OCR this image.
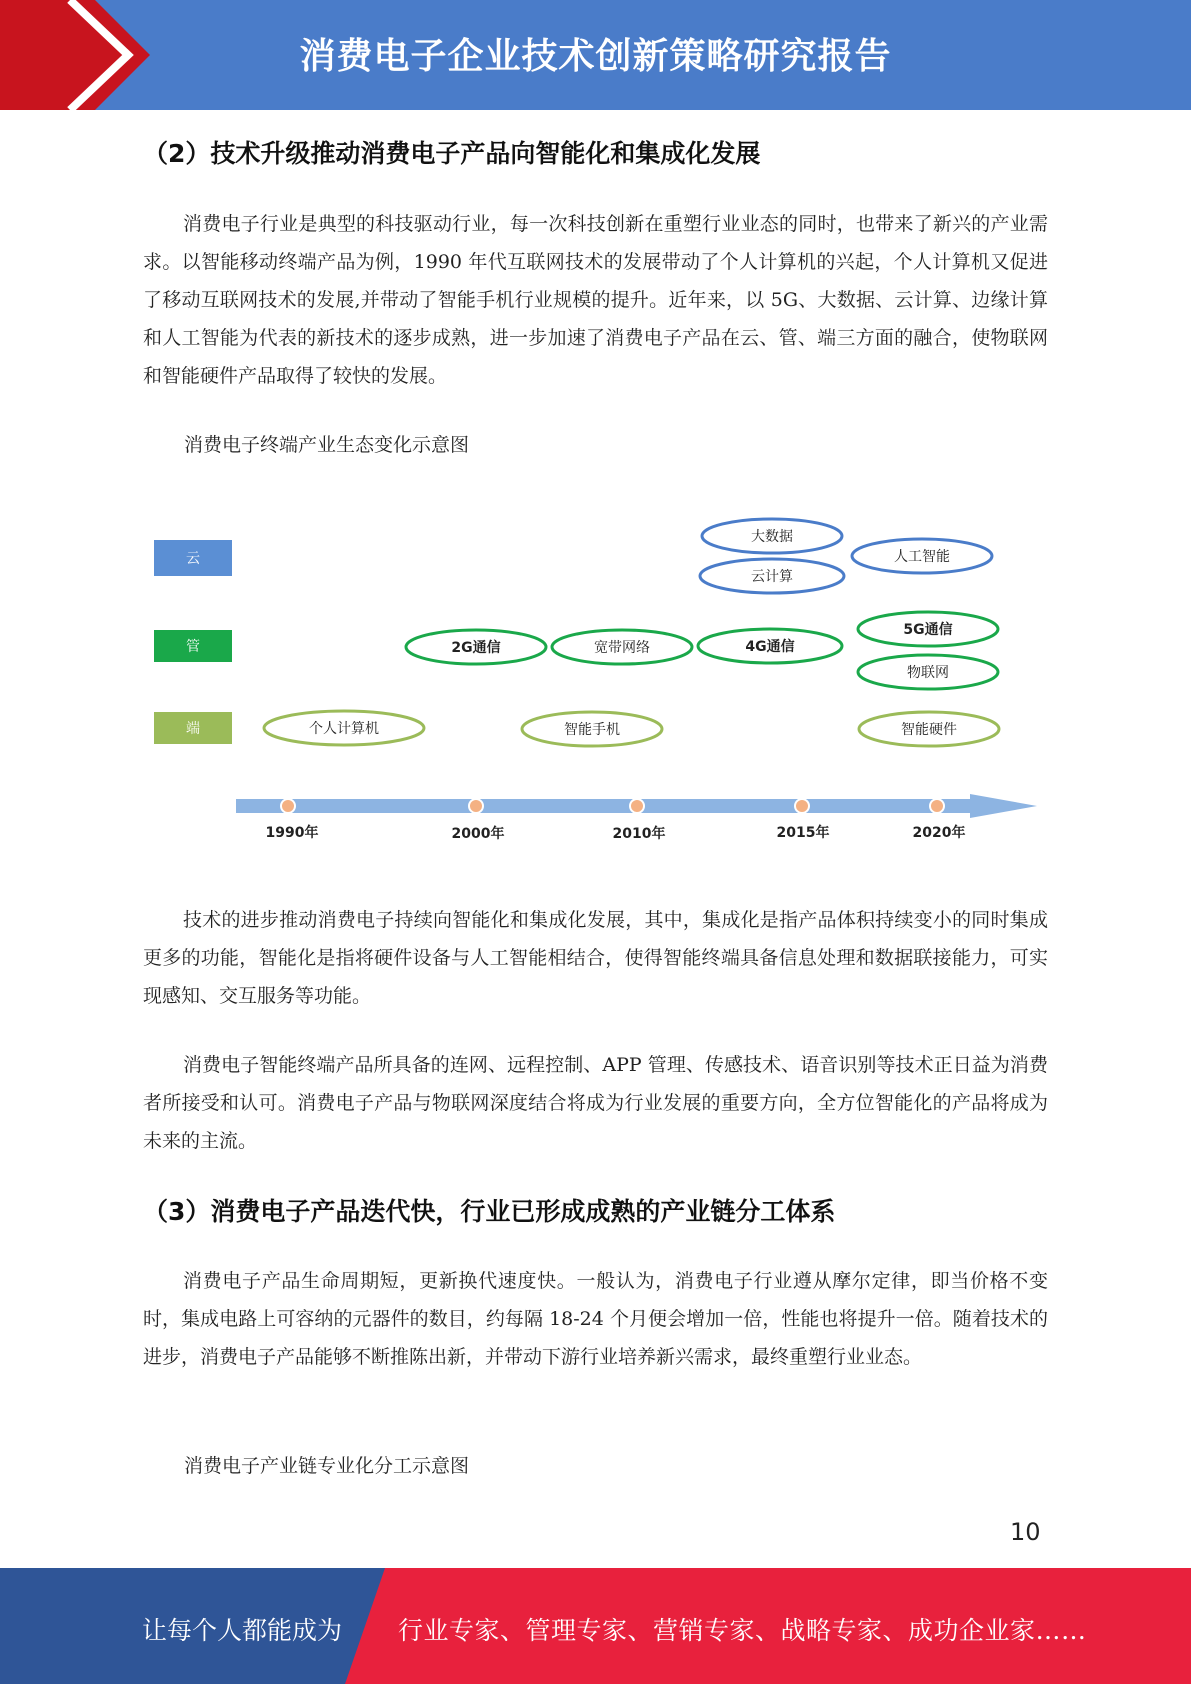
消费电子企业技术创新策略研究报告
（2）技术升级推动消费电子产品向智能化和集成化发展

消费电子行业是典型的科技驱动行业，每一次科技创新在重塑行业业态的同时，也带来了新兴的产业需求。以智能移动终端产品为例，1990 年代互联网技术的发展带动了个人计算机的兴起，个人计算机又促进了移动互联网技术的发展,并带动了智能手机行业规模的提升。近年来，以 5G、大数据、云计算、边缘计算和人工智能为代表的新技术的逐步成熟，进一步加速了消费电子产品在云、管、端三方面的融合，使物联网和智能硬件产品取得了较快的发展。

消费电子终端产业生态变化示意图
云
管
端
大数据
云计算
人工智能
2G通信	宽带网络	4G通信
5G通信
物联网
个人计算机	智能手机	智能硬件
1990年	2000年	2010年	2015年	2020年

技术的进步推动消费电子持续向智能化和集成化发展，其中，集成化是指产品体积持续变小的同时集成更多的功能，智能化是指将硬件设备与人工智能相结合，使得智能终端具备信息处理和数据联接能力，可实现感知、交互服务等功能。

消费电子智能终端产品所具备的连网、远程控制、APP 管理、传感技术、语音识别等技术正日益为消费者所接受和认可。消费电子产品与物联网深度结合将成为行业发展的重要方向，全方位智能化的产品将成为未来的主流。

（3）消费电子产品迭代快，行业已形成成熟的产业链分工体系

消费电子产品生命周期短，更新换代速度快。一般认为，消费电子行业遵从摩尔定律，即当价格不变时，集成电路上可容纳的元器件的数目，约每隔 18-24 个月便会增加一倍，性能也将提升一倍。随着技术的进步，消费电子产品能够不断推陈出新，并带动下游行业培养新兴需求，最终重塑行业业态。

消费电子产业链专业化分工示意图
10
让每个人都能成为 行业专家、管理专家、营销专家、战略专家、成功企业家……
